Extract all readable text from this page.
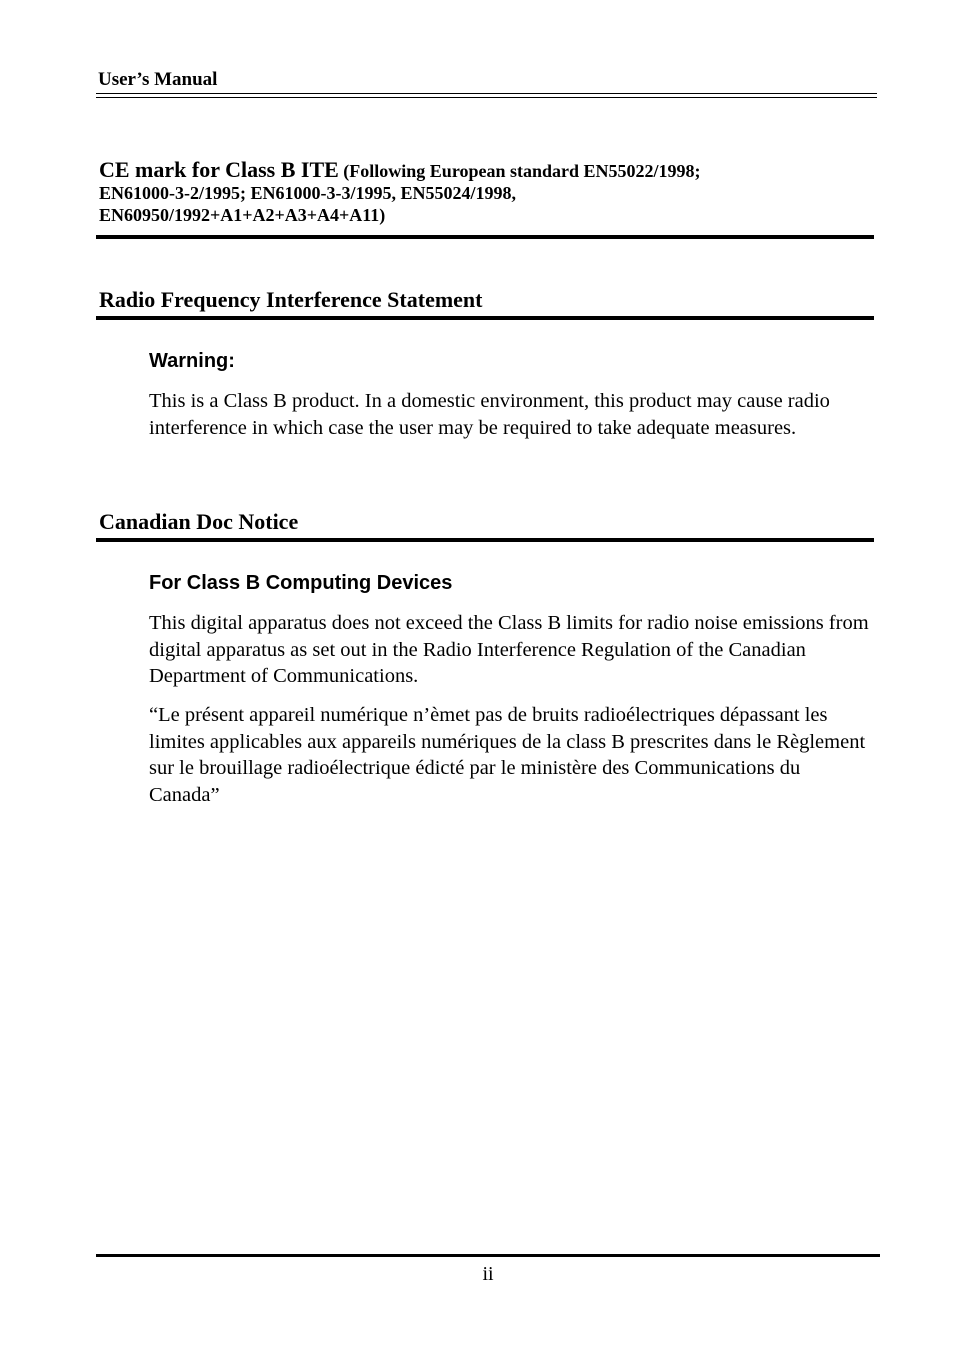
User’s Manual
CE mark for Class B ITE (Following European standard EN55022/1998;
EN61000-3-2/1995; EN61000-3-3/1995, EN55024/1998,
EN60950/1992+A1+A2+A3+A4+A11)
Radio Frequency Interference Statement
Warning:

This is a Class B product. In a domestic environment, this product may cause radio interference in which case the user may be required to take adequate measures.

Canadian Doc Notice
For Class B Computing Devices

This digital apparatus does not exceed the Class B limits for radio noise emissions from digital apparatus as set out in the Radio Interference Regulation of the Canadian Department of Communications.

“Le présent appareil numérique n’èmet pas de bruits radioélectriques dépassant les limites applicables aux appareils numériques de la class B prescrites dans le Règlement sur le brouillage radioélectrique édicté par le ministère des Communications du Canada”

ii
